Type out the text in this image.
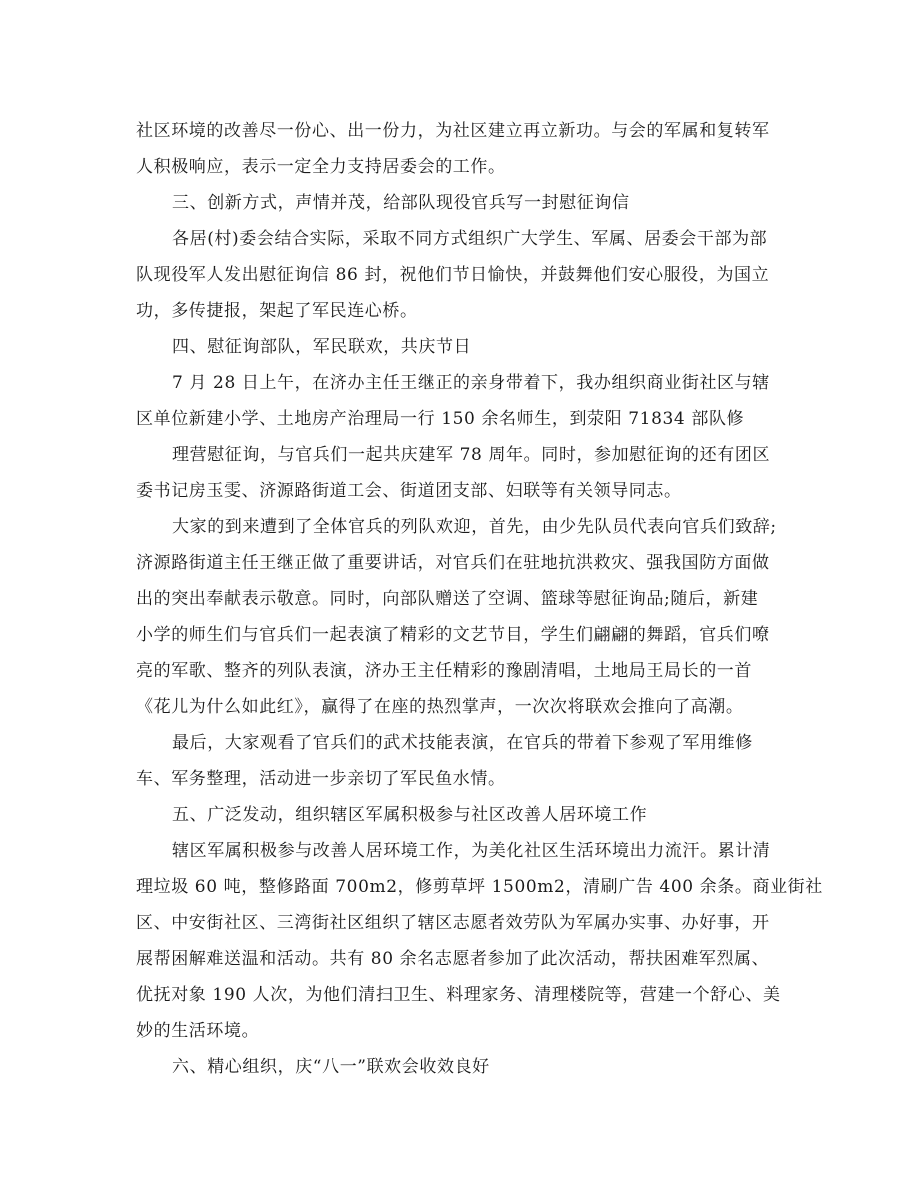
社区环境的改善尽一份心、出一份力，为社区建立再立新功。与会的军属和复转军
人积极响应，表示一定全力支持居委会的工作。
三、创新方式，声情并茂，给部队现役官兵写一封慰征询信
各居(村)委会结合实际，采取不同方式组织广大学生、军属、居委会干部为部
队现役军人发出慰征询信 86 封，祝他们节日愉快，并鼓舞他们安心服役，为国立
功，多传捷报，架起了军民连心桥。
四、慰征询部队，军民联欢，共庆节日
7 月 28 日上午，在济办主任王继正的亲身带着下，我办组织商业街社区与辖
区单位新建小学、土地房产治理局一行 150 余名师生，到荥阳 71834 部队修
理营慰征询，与官兵们一起共庆建军 78 周年。同时，参加慰征询的还有团区
委书记房玉雯、济源路街道工会、街道团支部、妇联等有关领导同志。
大家的到来遭到了全体官兵的列队欢迎，首先，由少先队员代表向官兵们致辞;
济源路街道主任王继正做了重要讲话，对官兵们在驻地抗洪救灾、强我国防方面做
出的突出奉献表示敬意。同时，向部队赠送了空调、篮球等慰征询品;随后，新建
小学的师生们与官兵们一起表演了精彩的文艺节目，学生们翩翩的舞蹈，官兵们嘹
亮的军歌、整齐的列队表演，济办王主任精彩的豫剧清唱，土地局王局长的一首
《花儿为什么如此红》，赢得了在座的热烈掌声，一次次将联欢会推向了高潮。
最后，大家观看了官兵们的武术技能表演，在官兵的带着下参观了军用维修
车、军务整理，活动进一步亲切了军民鱼水情。
五、广泛发动，组织辖区军属积极参与社区改善人居环境工作
辖区军属积极参与改善人居环境工作，为美化社区生活环境出力流汗。累计清
理垃圾 60 吨，整修路面 700m2，修剪草坪 1500m2，清刷广告 400 余条。商业街社
区、中安街社区、三湾街社区组织了辖区志愿者效劳队为军属办实事、办好事，开
展帮困解难送温和活动。共有 80 余名志愿者参加了此次活动，帮扶困难军烈属、
优抚对象 190 人次，为他们清扫卫生、料理家务、清理楼院等，营建一个舒心、美
妙的生活环境。
六、精心组织，庆“八一”联欢会收效良好
